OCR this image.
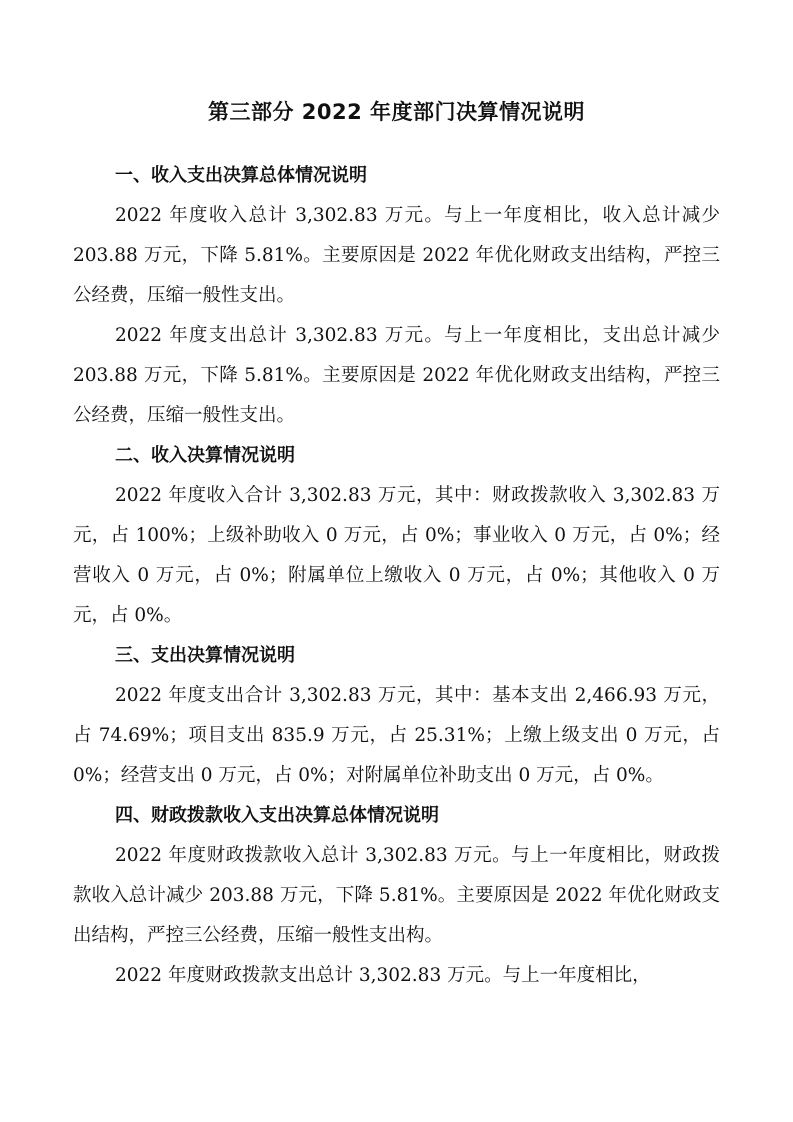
第三部分 2022 年度部门决算情况说明
一、收入支出决算总体情况说明

2022 年度收入总计 3,302.83 万元。与上一年度相比，收入总计减少 203.88 万元，下降 5.81%。主要原因是 2022 年优化财政支出结构，严控三公经费，压缩一般性支出。

2022 年度支出总计 3,302.83 万元。与上一年度相比，支出总计减少 203.88 万元，下降 5.81%。主要原因是 2022 年优化财政支出结构，严控三公经费，压缩一般性支出。

二、收入决算情况说明

2022 年度收入合计 3,302.83 万元，其中：财政拨款收入 3,302.83 万元，占 100%；上级补助收入 0 万元，占 0%；事业收入 0 万元，占 0%；经营收入 0 万元，占 0%；附属单位上缴收入 0 万元，占 0%；其他收入 0 万元，占 0%。

三、支出决算情况说明

2022 年度支出合计 3,302.83 万元，其中：基本支出 2,466.93 万元，占 74.69%；项目支出 835.9 万元，占 25.31%；上缴上级支出 0 万元，占 0%；经营支出 0 万元，占 0%；对附属单位补助支出 0 万元，占 0%。

四、财政拨款收入支出决算总体情况说明

2022 年度财政拨款收入总计 3,302.83 万元。与上一年度相比，财政拨款收入总计减少 203.88 万元，下降 5.81%。主要原因是 2022 年优化财政支出结构，严控三公经费，压缩一般性支出构。

2022 年度财政拨款支出总计 3,302.83 万元。与上一年度相比，
